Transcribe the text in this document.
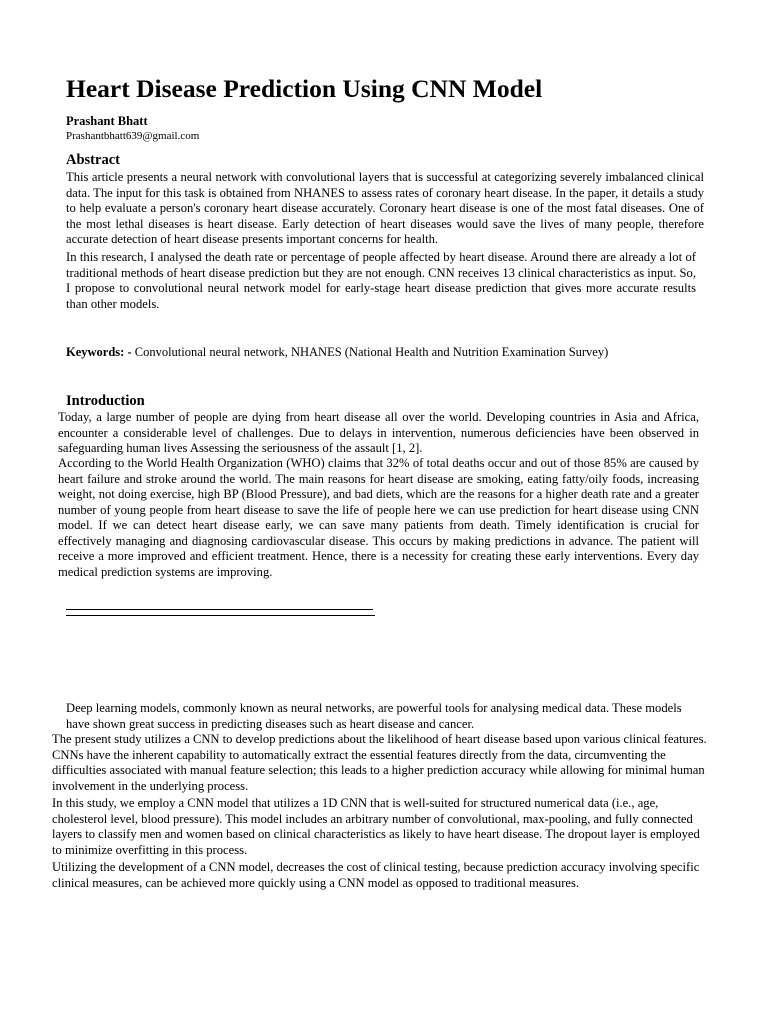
Heart Disease Prediction Using CNN Model
Prashant Bhatt
Prashantbhatt639@gmail.com
Abstract

This article presents a neural network with convolutional layers that is successful at categorizing severely imbalanced clinical data. The input for this task is obtained from NHANES to assess rates of coronary heart disease. In the paper, it details a study to help evaluate a person's coronary heart disease accurately. Coronary heart disease is one of the most fatal diseases. One of the most lethal diseases is heart disease. Early detection of heart diseases would save the lives of many people, therefore accurate detection of heart disease presents important concerns for health.

In this research, I analysed the death rate or percentage of people affected by heart disease. Around there are already a lot of traditional methods of heart disease prediction but they are not enough. CNN receives 13 clinical characteristics as input. So, I propose to convolutional neural network model for early-stage heart disease prediction that gives more accurate results than other models.

Keywords: - Convolutional neural network, NHANES (National Health and Nutrition Examination Survey)
Introduction

Today, a large number of people are dying from heart disease all over the world. Developing countries in Asia and Africa, encounter a considerable level of challenges. Due to delays in intervention, numerous deficiencies have been observed in safeguarding human lives Assessing the seriousness of the assault [1, 2].

According to the World Health Organization (WHO) claims that 32% of total deaths occur and out of those 85% are caused by heart failure and stroke around the world. The main reasons for heart disease are smoking, eating fatty/oily foods, increasing weight, not doing exercise, high BP (Blood Pressure), and bad diets, which are the reasons for a higher death rate and a greater number of young people from heart disease to save the life of people here we can use prediction for heart disease using CNN model. If we can detect heart disease early, we can save many patients from death. Timely identification is crucial for effectively managing and diagnosing cardiovascular disease. This occurs by making predictions in advance. The patient will receive a more improved and efficient treatment. Hence, there is a necessity for creating these early interventions. Every day medical prediction systems are improving.

Deep learning models, commonly known as neural networks, are powerful tools for analysing medical data. These models have shown great success in predicting diseases such as heart disease and cancer.

The present study utilizes a CNN to develop predictions about the likelihood of heart disease based upon various clinical features. CNNs have the inherent capability to automatically extract the essential features directly from the data, circumventing the difficulties associated with manual feature selection; this leads to a higher prediction accuracy while allowing for minimal human involvement in the underlying process.

In this study, we employ a CNN model that utilizes a 1D CNN that is well-suited for structured numerical data (i.e., age, cholesterol level, blood pressure). This model includes an arbitrary number of convolutional, max-pooling, and fully connected layers to classify men and women based on clinical characteristics as likely to have heart disease. The dropout layer is employed to minimize overfitting in this process.

Utilizing the development of a CNN model, decreases the cost of clinical testing, because prediction accuracy involving specific clinical measures, can be achieved more quickly using a CNN model as opposed to traditional measures.
